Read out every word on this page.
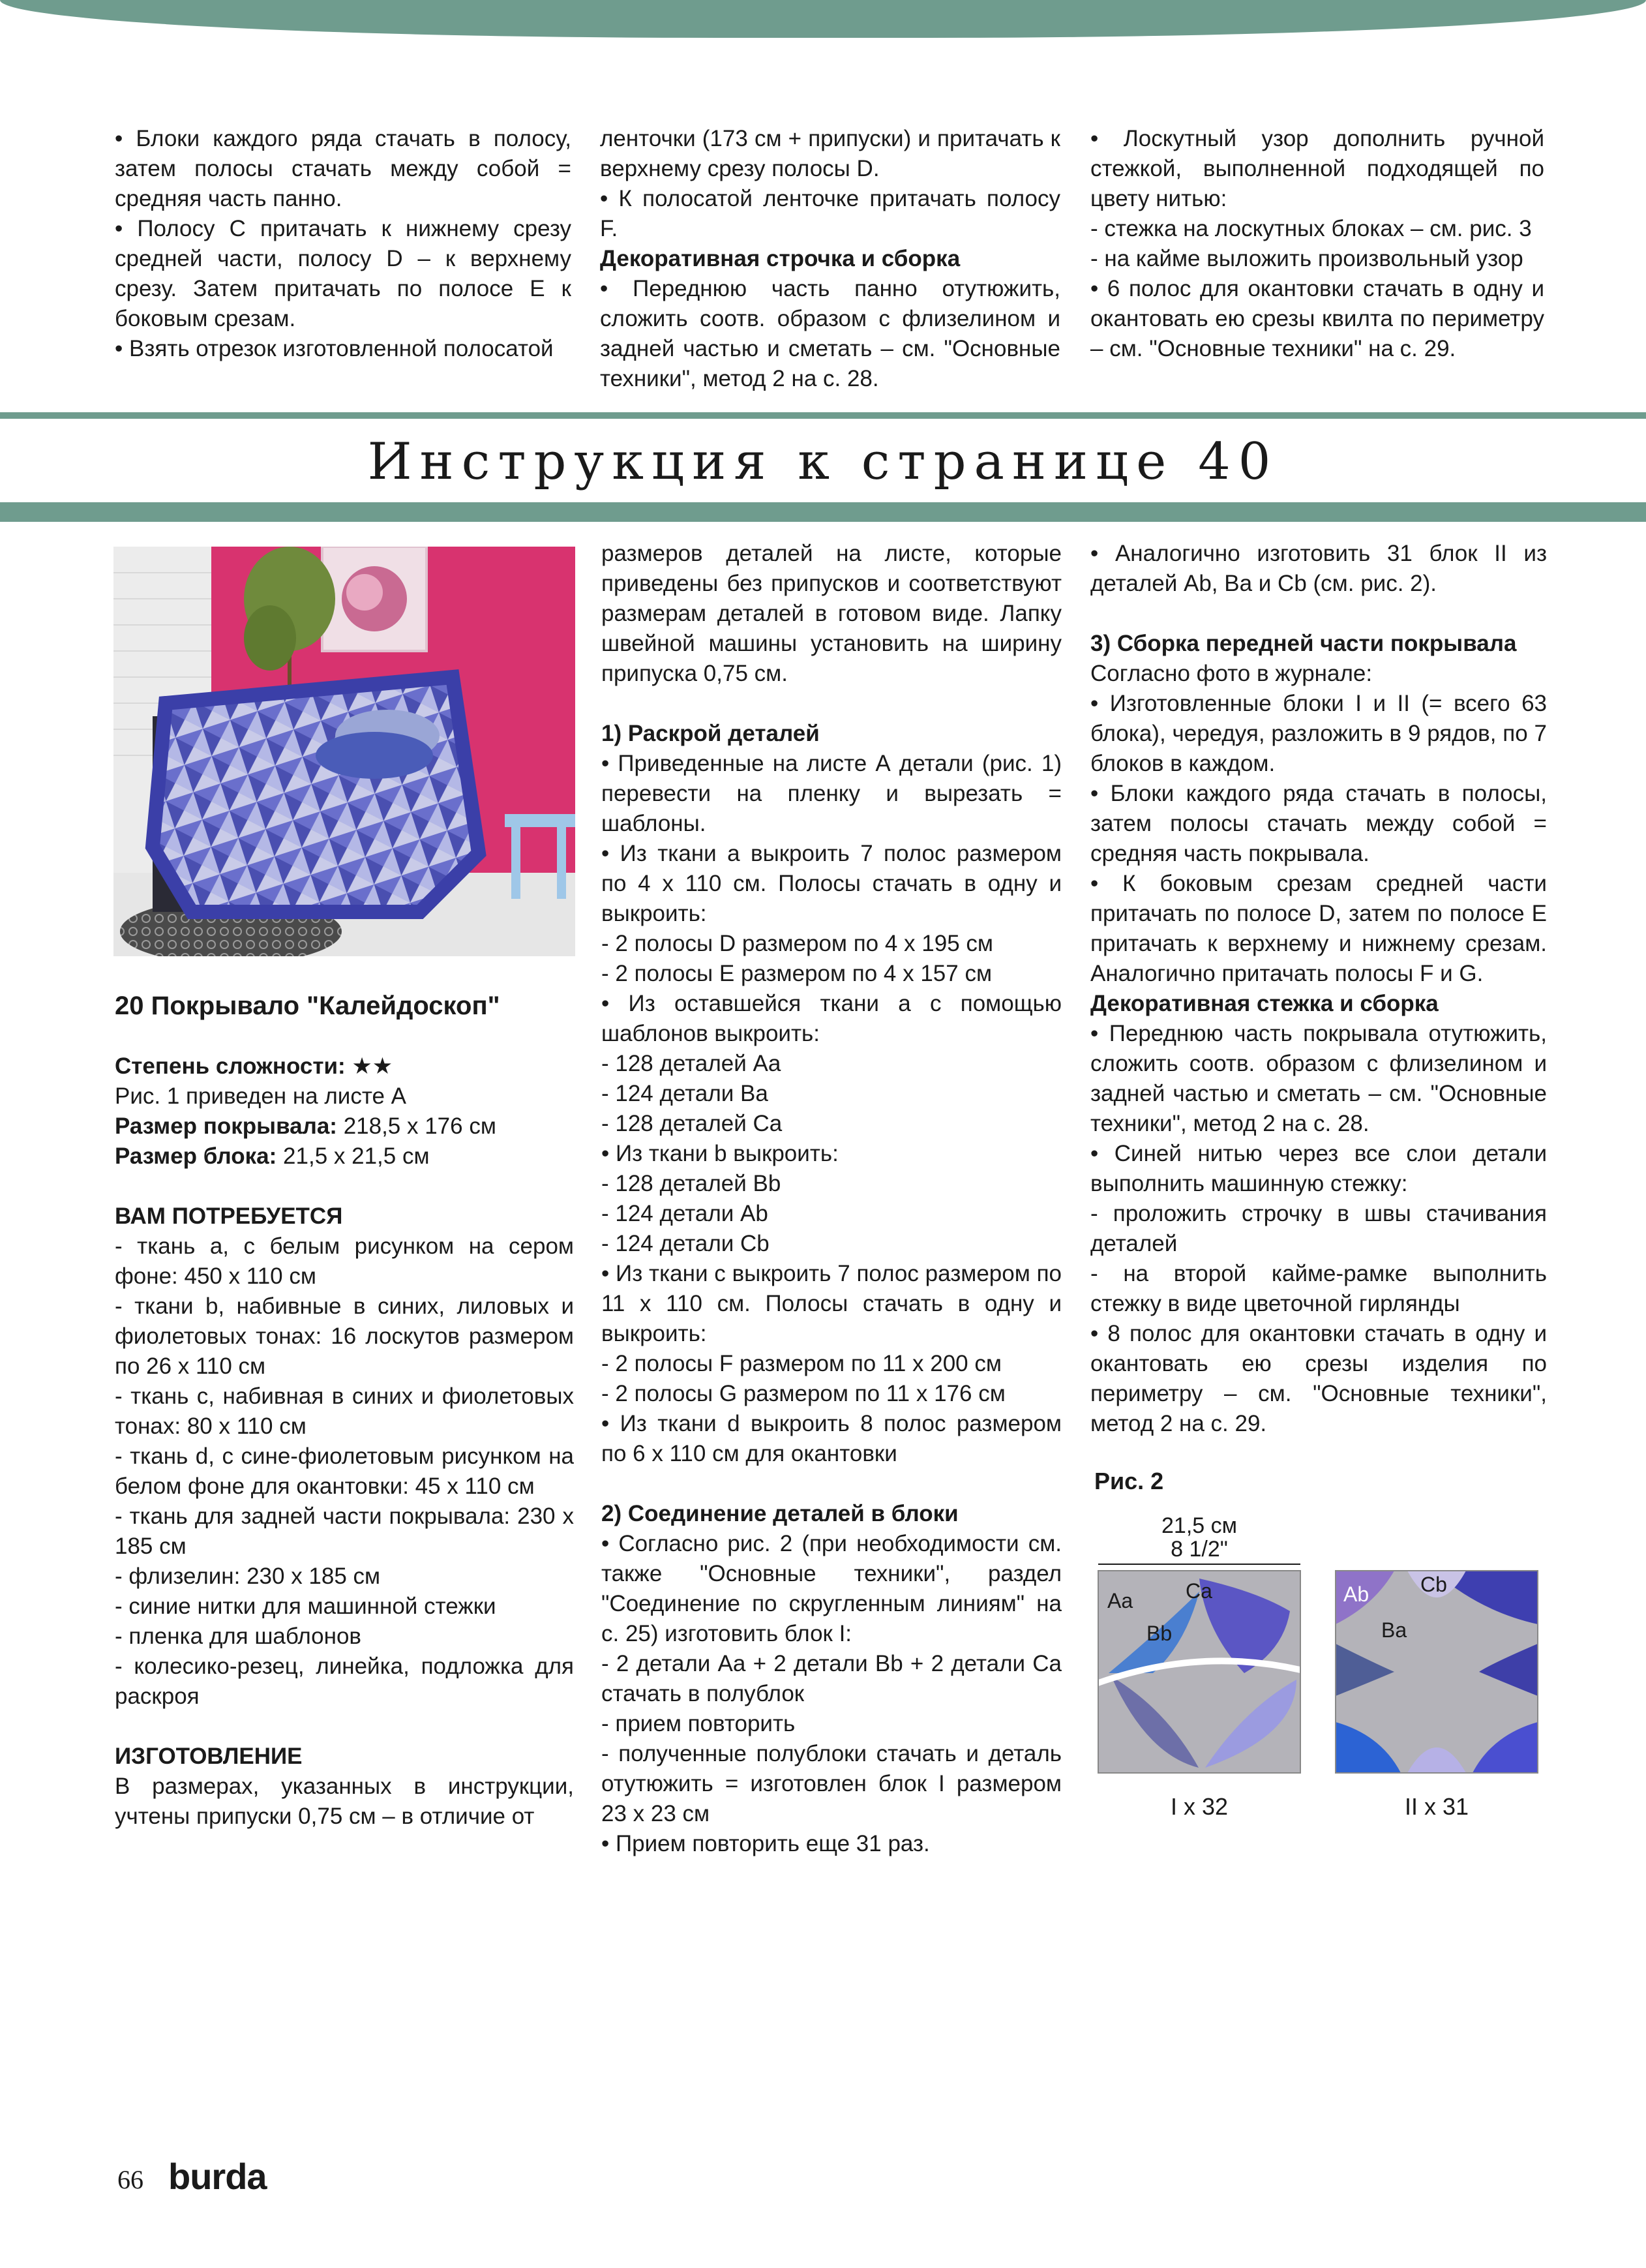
• Блоки каждого ряда стачать в полосу, затем полосы стачать между собой = средняя часть панно.

• Полосу С притачать к нижнему срезу средней части, полосу D – к верхнему срезу. Затем притачать по полосе Е к боковым срезам.

• Взять отрезок изготовленной полосатой

ленточки (173 см + припуски) и притачать к верхнему срезу полосы D.

• К полосатой ленточке притачать полосу F.

Декоративная строчка и сборка

• Переднюю часть панно отутюжить, сложить соотв. образом с флизелином и задней частью и сметать – см. "Основные техники", метод 2 на с. 28.

• Лоскутный узор дополнить ручной стежкой, выполненной подходящей по цвету нитью:

- стежка на лоскутных блоках – см. рис. 3

- на кайме выложить произвольный узор

• 6 полос для окантовки стачать в одну и окантовать ею срезы квилта по периметру – см. "Основные техники" на с. 29.

Инструкция к странице 40

20 Покрывало "Калейдоскоп"

Степень сложности: ★★

Рис. 1 приведен на листе А

Размер покрывала: 218,5 x 176 см

Размер блока: 21,5 x 21,5 см

ВАМ ПОТРЕБУЕТСЯ

- ткань a, с белым рисунком на сером фоне: 450 x 110 см

- ткани b, набивные в синих, лиловых и фиолетовых тонах: 16 лоскутов размером по 26 x 110 см

- ткань c, набивная в синих и фиолетовых тонах: 80 x 110 см

- ткань d, с сине-фиолетовым рисунком на белом фоне для окантовки: 45 x 110 см

- ткань для задней части покрывала: 230 x 185 см

- флизелин: 230 x 185 см

- синие нитки для машинной стежки

- пленка для шаблонов

- колесико-резец, линейка, подложка для раскроя

ИЗГОТОВЛЕНИЕ

В размерах, указанных в инструкции, учтены припуски 0,75 см – в отличие от

размеров деталей на листе, которые приведены без припусков и соответствуют размерам деталей в готовом виде. Лапку швейной машины установить на ширину припуска 0,75 см.

1) Раскрой деталей

• Приведенные на листе А детали (рис. 1) перевести на пленку и вырезать = шаблоны.

• Из ткани a выкроить 7 полос размером по 4 x 110 см. Полосы стачать в одну и выкроить:

- 2 полосы D размером по 4 x 195 см

- 2 полосы E размером по 4 x 157 см

• Из оставшейся ткани a с помощью шаблонов выкроить:

- 128 деталей Aa

- 124 детали Ba

- 128 деталей Ca

• Из ткани b выкроить:

- 128 деталей Bb

- 124 детали Ab

- 124 детали Cb

• Из ткани c выкроить 7 полос размером по 11 x 110 см. Полосы стачать в одну и выкроить:

- 2 полосы F размером по 11 x 200 см

- 2 полосы G размером по 11 x 176 см

• Из ткани d выкроить 8 полос размером по 6 x 110 см для окантовки

2) Соединение деталей в блоки

• Согласно рис. 2 (при необходимости см. также "Основные техники", раздел "Соединение по скругленным линиям" на с. 25) изготовить блок I:

- 2 детали Aa + 2 детали Bb + 2 детали Ca стачать в полублок

- прием повторить

- полученные полублоки стачать и деталь отутюжить = изготовлен блок I размером 23 x 23 см

• Прием повторить еще 31 раз.

• Аналогично изготовить 31 блок II из деталей Ab, Ba и Cb (см. рис. 2).

3) Сборка передней части покрывала

Согласно фото в журнале:

• Изготовленные блоки I и II (= всего 63 блока), чередуя, разложить в 9 рядов, по 7 блоков в каждом.

• Блоки каждого ряда стачать в полосы, затем полосы стачать между собой = средняя часть покрывала.

• К боковым срезам средней части притачать по полосе D, затем по полосе Е притачать к верхнему и нижнему срезам. Аналогично притачать полосы F и G.

Декоративная стежка и сборка

• Переднюю часть покрывала отутюжить, сложить соотв. образом с флизелином и задней частью и сметать – см. "Основные техники", метод 2 на с. 28.

• Синей нитью через все слои детали выполнить машинную стежку:

- проложить строчку в швы стачивания деталей

- на второй кайме-рамке выполнить стежку в виде цветочной гирлянды

• 8 полос для окантовки стачать в одну и окантовать ею срезы изделия по периметру – см. "Основные техники", метод 2 на с. 29.

Рис. 2
21,5 см
8 1/2"
Aa	Ca
Bb
I x 32
Ab Cb
Ba
II x 31
66 burda
